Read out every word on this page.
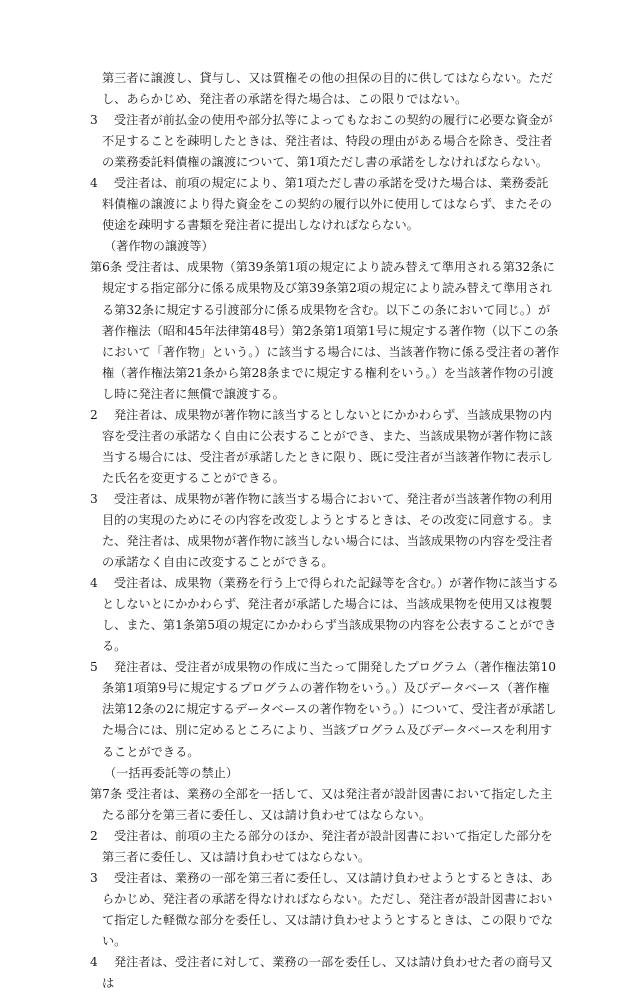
第三者に譲渡し、貸与し、又は質権その他の担保の目的に供してはならない。ただし、あらかじめ、発注者の承諾を得た場合は、この限りではない。
3	受注者が前払金の使用や部分払等によってもなおこの契約の履行に必要な資金が不足することを疎明したときは、発注者は、特段の理由がある場合を除き、受注者の業務委託料債権の譲渡について、第1項ただし書の承諾をしなければならない。
4	受注者は、前項の規定により、第1項ただし書の承諾を受けた場合は、業務委託料債権の譲渡により得た資金をこの契約の履行以外に使用してはならず、またその使途を疎明する書類を発注者に提出しなければならない。
（著作物の譲渡等）
第6条 受注者は、成果物（第39条第1項の規定により読み替えて準用される第32条に規定する指定部分に係る成果物及び第39条第2項の規定により読み替えて準用される第32条に規定する引渡部分に係る成果物を含む。以下この条において同じ。）が著作権法（昭和45年法律第48号）第2条第1項第1号に規定する著作物（以下この条において「著作物」という。）に該当する場合には、当該著作物に係る受注者の著作権（著作権法第21条から第28条までに規定する権利をいう。）を当該著作物の引渡し時に発注者に無償で譲渡する。
2	発注者は、成果物が著作物に該当するとしないとにかかわらず、当該成果物の内容を受注者の承諾なく自由に公表することができ、また、当該成果物が著作物に該当する場合には、受注者が承諾したときに限り、既に受注者が当該著作物に表示した氏名を変更することができる。
3	受注者は、成果物が著作物に該当する場合において、発注者が当該著作物の利用目的の実現のためにその内容を改変しようとするときは、その改変に同意する。また、発注者は、成果物が著作物に該当しない場合には、当該成果物の内容を受注者の承諾なく自由に改変することができる。
4	受注者は、成果物（業務を行う上で得られた記録等を含む。）が著作物に該当するとしないとにかかわらず、発注者が承諾した場合には、当該成果物を使用又は複製し、また、第1条第5項の規定にかかわらず当該成果物の内容を公表することができる。
5	発注者は、受注者が成果物の作成に当たって開発したプログラム（著作権法第10条第1項第9号に規定するプログラムの著作物をいう。）及びデータベース（著作権法第12条の2に規定するデータベースの著作物をいう。）について、受注者が承諾した場合には、別に定めるところにより、当該プログラム及びデータベースを利用することができる。
（一括再委託等の禁止）
第7条 受注者は、業務の全部を一括して、又は発注者が設計図書において指定した主たる部分を第三者に委任し、又は請け負わせてはならない。
2	受注者は、前項の主たる部分のほか、発注者が設計図書において指定した部分を第三者に委任し、又は請け負わせてはならない。
3	受注者は、業務の一部を第三者に委任し、又は請け負わせようとするときは、あらかじめ、発注者の承諾を得なければならない。ただし、発注者が設計図書において指定した軽微な部分を委任し、又は請け負わせようとするときは、この限りでない。
4	発注者は、受注者に対して、業務の一部を委任し、又は請け負わせた者の商号又は
